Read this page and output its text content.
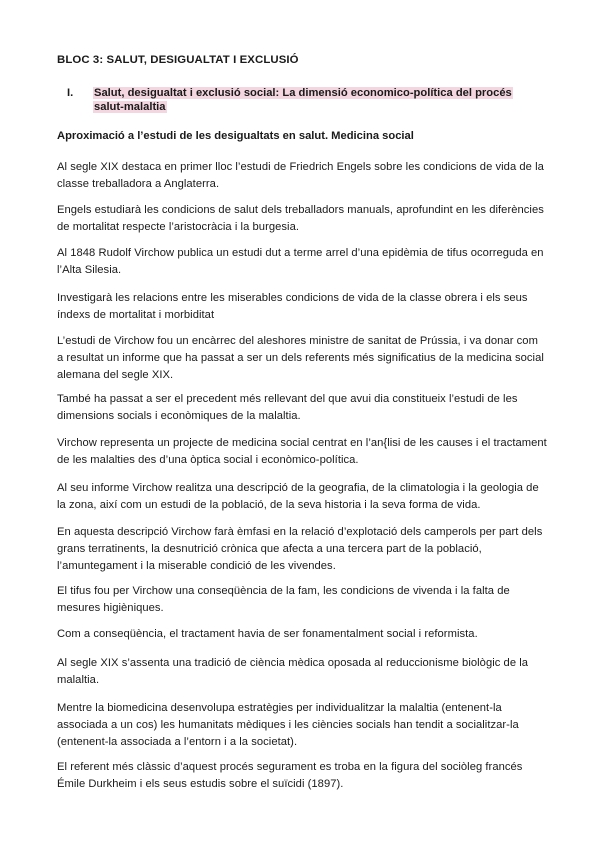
BLOC 3: SALUT, DESIGUALTAT I EXCLUSIÓ
I. Salut, desigualtat i exclusió social: La dimensió economico-política del procés salut-malaltia
Aproximació a l’estudi de les desigualtats en salut. Medicina social

Al segle XIX destaca en primer lloc l’estudi de Friedrich Engels sobre les condicions de vida de la classe treballadora a Anglaterra.

Engels estudiarà les condicions de salut dels treballadors manuals, aprofundint en les diferències de mortalitat respecte l’aristocràcia i la burgesia.

Al 1848 Rudolf Virchow publica un estudi dut a terme arrel d’una epidèmia de tifus ocorreguda en l’Alta Silesia.

Investigarà les relacions entre les miserables condicions de vida de la classe obrera i els seus índexs de mortalitat i morbiditat

L’estudi de Virchow fou un encàrrec del aleshores ministre de sanitat de Prússia, i va donar com a resultat un informe que ha passat a ser un dels referents més significatius de la medicina social alemana del segle XIX.

També ha passat a ser el precedent més rellevant del que avui dia constitueix l’estudi de les dimensions socials i econòmiques de la malaltia.

Virchow representa un projecte de medicina social centrat en l’an{lisi de les causes i el tractament de les malalties des d’una òptica social i econòmico-política.

Al seu informe Virchow realitza una descripció de la geografia, de la climatologia i la geologia de la zona, així com un estudi de la població, de la seva historia i la seva forma de vida.

En aquesta descripció Virchow farà èmfasi en la relació d’explotació dels camperols per part dels grans terratinents, la desnutrició crònica que afecta a una tercera part de la població, l’amuntegament i la miserable condició de les vivendes.

El tifus fou per Virchow una conseqüència de la fam, les condicions de vivenda i la falta de mesures higièniques.

Com a conseqüència, el tractament havia de ser fonamentalment social i reformista.

Al segle XIX s’assenta una tradició de ciència mèdica oposada al reduccionisme biològic de la malaltia.

Mentre la biomedicina desenvolupa estratègies per individualitzar la malaltia (entenent-la associada a un cos) les humanitats mèdiques i les ciències socials han tendit a socialitzar-la (entenent-la associada a l’entorn i a la societat).

El referent més clàssic d’aquest procés segurament es troba en la figura del sociòleg francés Émile Durkheim i els seus estudis sobre el suïcidi (1897).
